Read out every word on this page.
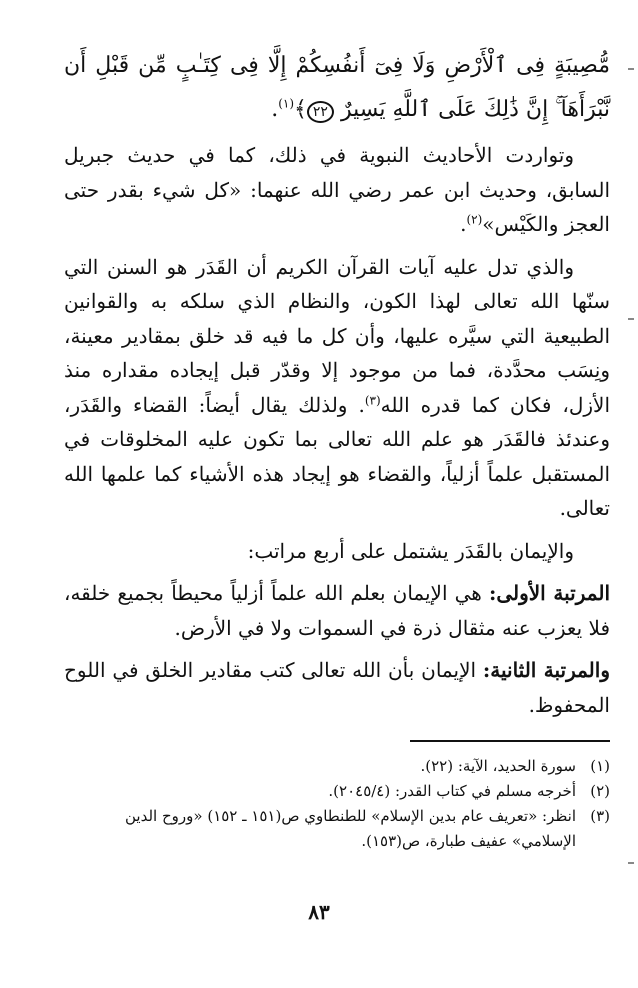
مُّصِيبَةٍ فِى ٱلْأَرْضِ وَلَا فِىٓ أَنفُسِكُمْ إِلَّا فِى كِتَـٰبٍ مِّن قَبْلِ أَن نَّبْرَأَهَآ ۚ إِنَّ ذَٰلِكَ عَلَى ٱللَّهِ يَسِيرٌ ٢٢﴾$^{(١)}$.

وتواردت الأحاديث النبوية في ذلك، كما في حديث جبريل السابق، وحديث ابن عمر رضي الله عنهما: «كل شيء بقدر حتى العجز والكَيْس»$^{(٢)}$.

والذي تدل عليه آيات القرآن الكريم أن القَدَر هو السنن التي سنّها الله تعالى لهذا الكون، والنظام الذي سلكه به والقوانين الطبيعية التي سيَّره عليها، وأن كل ما فيه قد خلق بمقادير معينة، ونِسَب محدَّدة، فما من موجود إلا وقدّر قبل إيجاده مقداره منذ الأزل، فكان كما قدره الله$^{(٣)}$. ولذلك يقال أيضاً: القضاء والقَدَر، وعندئذ فالقَدَر هو علم الله تعالى بما تكون عليه المخلوقات في المستقبل علماً أزلياً، والقضاء هو إيجاد هذه الأشياء كما علمها الله تعالى.

والإيمان بالقَدَر يشتمل على أربع مراتب:

المرتبة الأولى: هي الإيمان بعلم الله علماً أزلياً محيطاً بجميع خلقه، فلا يعزب عنه مثقال ذرة في السموات ولا في الأرض.

والمرتبة الثانية: الإيمان بأن الله تعالى كتب مقادير الخلق في اللوح المحفوظ.

(١)
سورة الحديد، الآية: (٢٢).
(٢)
أخرجه مسلم في كتاب القدر: (٢٠٤٥/٤).
(٣)
انظر: «تعريف عام بدين الإسلام» للطنطاوي ص(١٥١ ـ ١٥٢) «وروح الدين الإسلامي» عفيف طبارة، ص(١٥٣).
٨٣
